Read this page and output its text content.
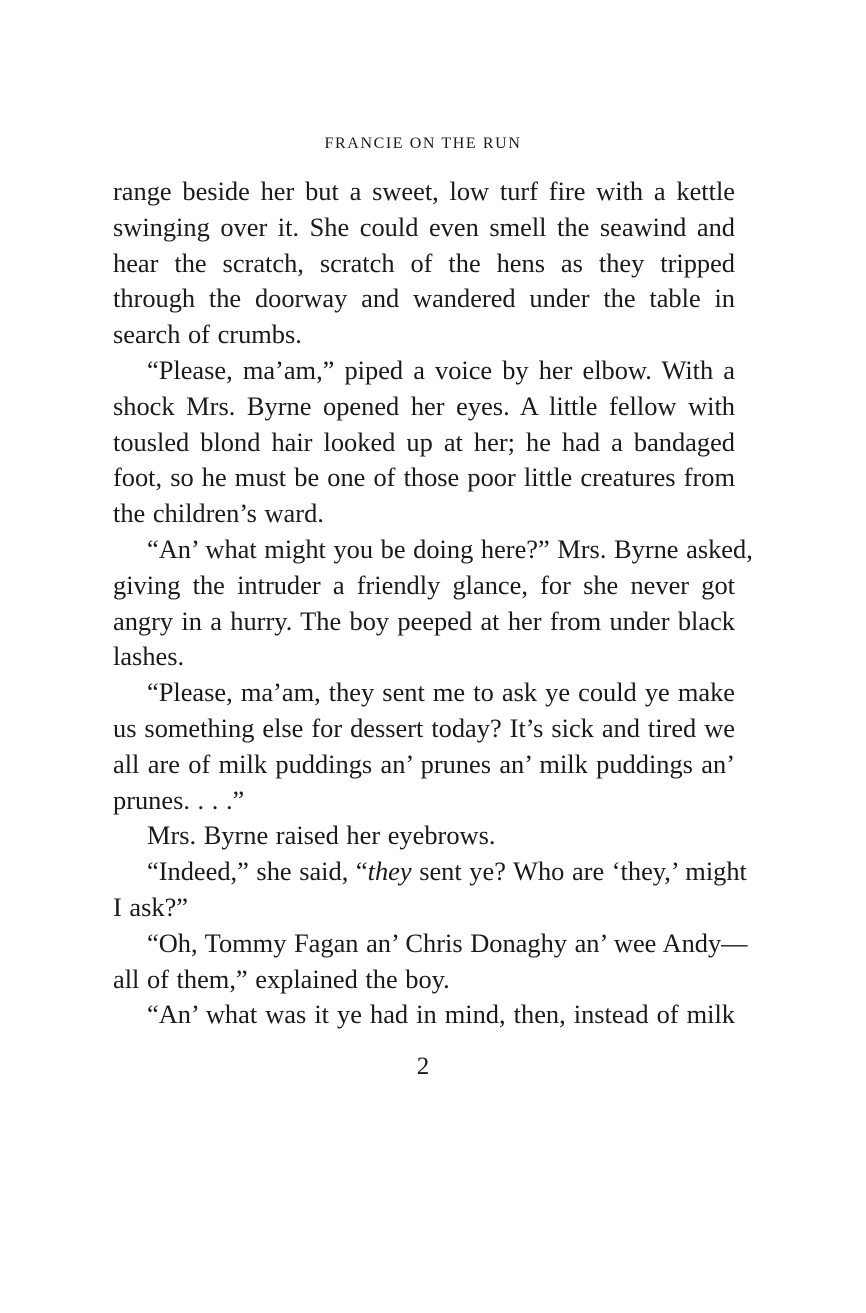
FRANCIE ON THE RUN
range beside her but a sweet, low turf fire with a kettle
swinging over it. She could even smell the seawind and
hear the scratch, scratch of the hens as they tripped
through the doorway and wandered under the table in
search of crumbs.
“Please, ma’am,” piped a voice by her elbow. With a
shock Mrs. Byrne opened her eyes. A little fellow with
tousled blond hair looked up at her; he had a bandaged
foot, so he must be one of those poor little creatures from
the children’s ward.
“An’ what might you be doing here?” Mrs. Byrne asked,
giving the intruder a friendly glance, for she never got
angry in a hurry. The boy peeped at her from under black
lashes.
“Please, ma’am, they sent me to ask ye could ye make
us something else for dessert today? It’s sick and tired we
all are of milk puddings an’ prunes an’ milk puddings an’
prunes. . . .”
Mrs. Byrne raised her eyebrows.
“Indeed,” she said, “they sent ye? Who are ‘they,’ might
I ask?”
“Oh, Tommy Fagan an’ Chris Donaghy an’ wee Andy—
all of them,” explained the boy.
“An’ what was it ye had in mind, then, instead of milk
2
